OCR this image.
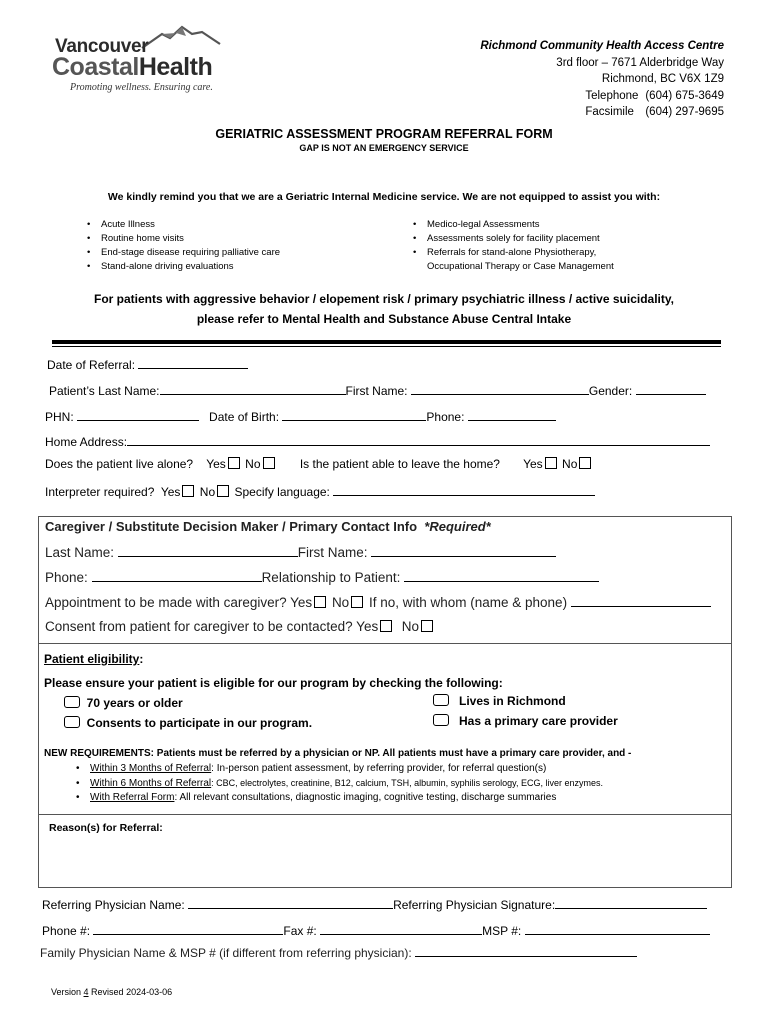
Vancouver
CoastalHealth
Promoting wellness. Ensuring care.
Richmond Community Health Access Centre
3rd floor – 7671 Alderbridge Way
Richmond, BC V6X 1Z9
Telephone (604) 675-3649
Facsimile (604) 297-9695
GERIATRIC ASSESSMENT PROGRAM REFERRAL FORM
GAP IS NOT AN EMERGENCY SERVICE
We kindly remind you that we are a Geriatric Internal Medicine service. We are not equipped to assist you with:
• Acute Illness
• Routine home visits
• End-stage disease requiring palliative care
• Stand-alone driving evaluations
• Medico-legal Assessments
• Assessments solely for facility placement
• Referrals for stand-alone Physiotherapy,
Occupational Therapy or Case Management
For patients with aggressive behavior / elopement risk / primary psychiatric illness / active suicidality,
please refer to Mental Health and Substance Abuse Central Intake
Date of Referral:
Patient’s Last Name:	First Name:	Gender:
PHN:	Date of Birth:	Phone:
Home Address:
Does the patient live alone? Yes No	Is the patient able to leave the home? Yes No
Interpreter required? Yes No Specify language:
Caregiver / Substitute Decision Maker / Primary Contact Info *Required*
Last Name:	First Name:
Phone:	Relationship to Patient:
Appointment to be made with caregiver? Yes No If no, with whom (name & phone)
Consent from patient for caregiver to be contacted? Yes No
Patient eligibility:
Please ensure your patient is eligible for our program by checking the following:
70 years or older
Consents to participate in our program.
Lives in Richmond
Has a primary care provider
NEW REQUIREMENTS: Patients must be referred by a physician or NP. All patients must have a primary care provider, and -
• Within 3 Months of Referral: In-person patient assessment, by referring provider, for referral question(s)
• Within 6 Months of Referral: CBC, electrolytes, creatinine, B12, calcium, TSH, albumin, syphilis serology, ECG, liver enzymes.
• With Referral Form: All relevant consultations, diagnostic imaging, cognitive testing, discharge summaries
Reason(s) for Referral:
Referring Physician Name:	Referring Physician Signature:
Phone #:	Fax #:	MSP #:
Family Physician Name & MSP # (if different from referring physician):
Version 4 Revised 2024-03-06
